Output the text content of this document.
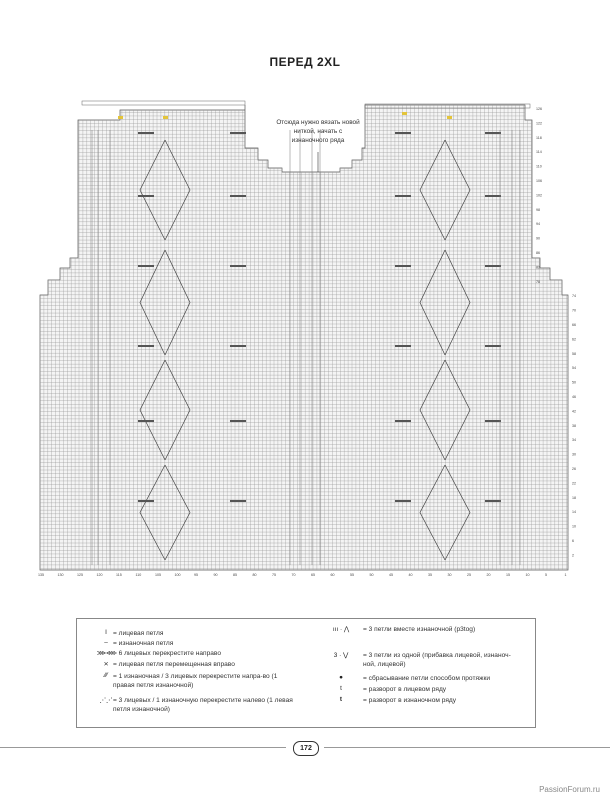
ПЕРЕД 2XL
126
122
118
114
110
106
102
98
94
90
86
82
78
74
70
66
62
58
54
50
46
42
38
34
30
26
22
18
14
10
6
2
135	130	125	120	115	110	105	100	95	90	85	80	75	70	65	60	55	50	45	40	35	30	25	20	15	10	5	1
Отсюда нужно вязать новой ниткой, начать с изнаночного ряда
I = лицевая петля
– = изнаночная петля
⋙⋘
= 6 лицевых перекрестите направо
⨯ = лицевая петля перемещенная вправо
⁄⁄⁄ = 1 изнаночная / 3 лицевых перекрестите напра-во (1 правая петля изнаночной)
⋰⋰ = 3 лицевых / 1 изнаночную перекрестите налево (1 левая петля изнаночной)
ııı · ⋀	= 3 петли вместе изнаночной (p3tog)
3 · ⋁	= 3 петли из одной (прибавка лицевой, изнаноч-ной, лицевой)
●	= сбрасывание петли способом протяжки
t	= разворот в лицевом ряду
t	= разворот в изнаночном ряду
172
PassionForum.ru
